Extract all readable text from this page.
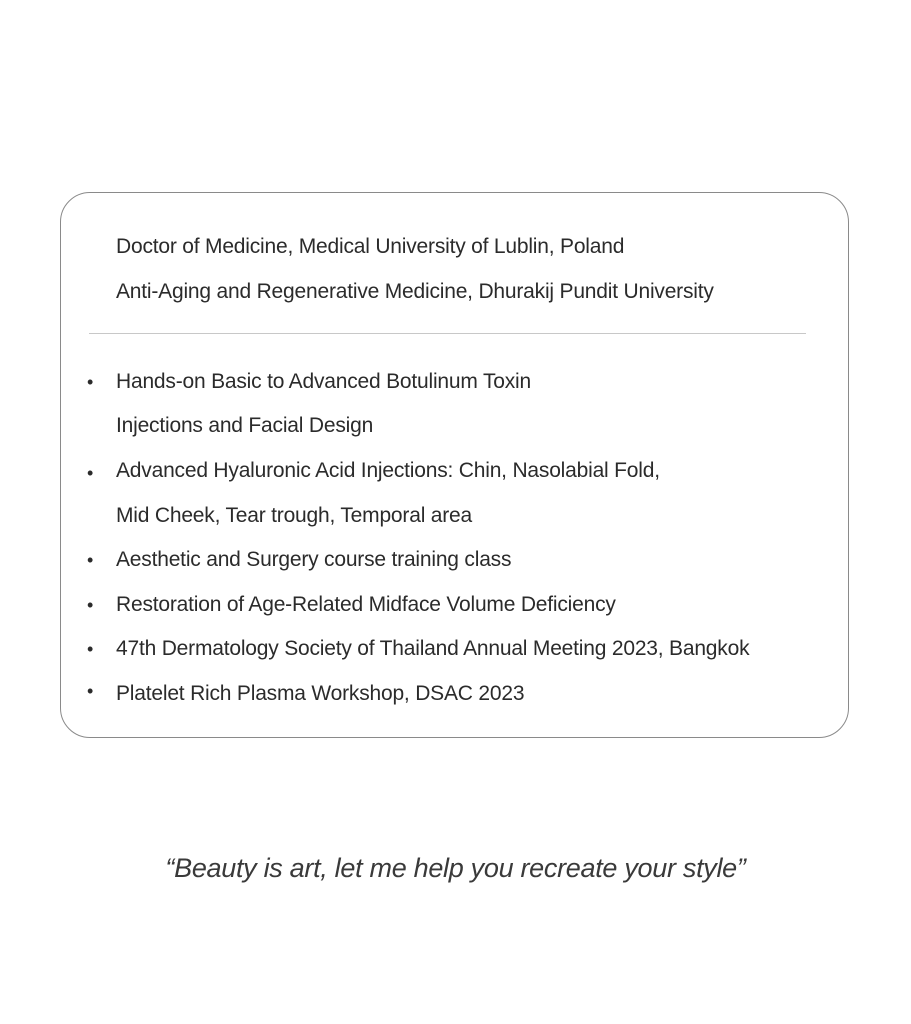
Doctor of Medicine, Medical University of Lublin, Poland
Anti-Aging and Regenerative Medicine, Dhurakij Pundit University
• Hands-on Basic to Advanced Botulinum Toxin
Injections and Facial Design
• Advanced Hyaluronic Acid Injections: Chin, Nasolabial Fold,
Mid Cheek, Tear trough, Temporal area
• Aesthetic and Surgery course training class
• Restoration of Age-Related Midface Volume Deficiency
• 47th Dermatology Society of Thailand Annual Meeting 2023, Bangkok
• Platelet Rich Plasma Workshop, DSAC 2023
“Beauty is art, let me help you recreate your style”
